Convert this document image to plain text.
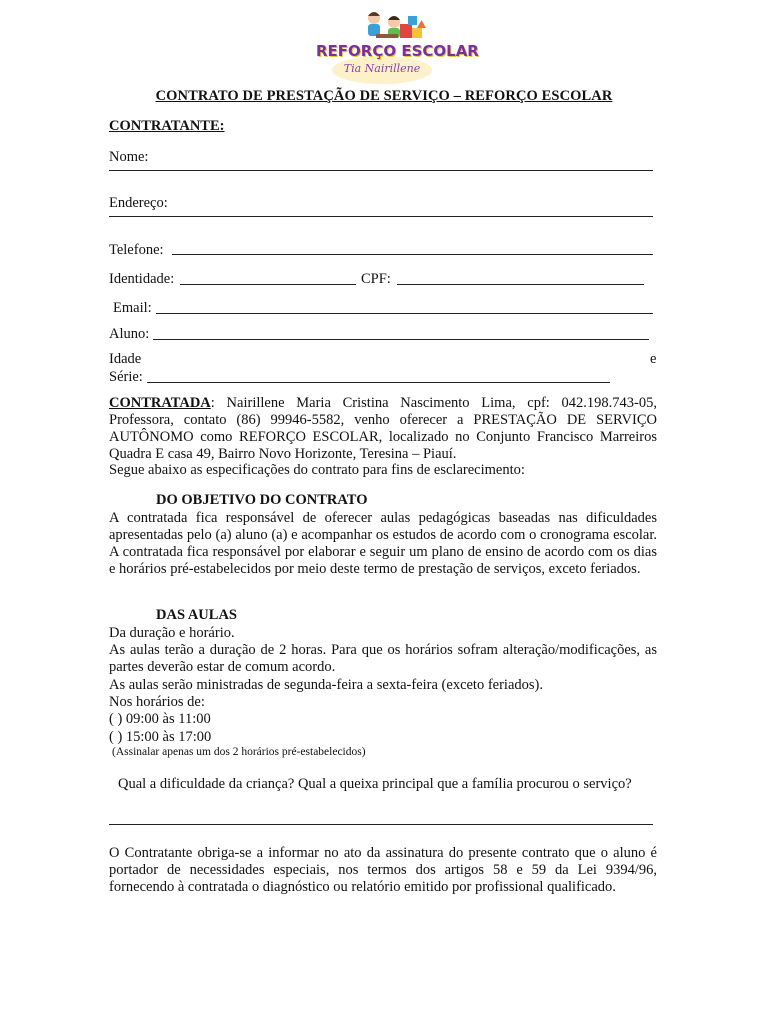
REFORÇO ESCOLAR
Tia Nairillene
CONTRATO DE PRESTAÇÃO DE SERVIÇO – REFORÇO ESCOLAR
CONTRATANTE:
Nome:
Endereço:
Telefone:
Identidade:	CPF:
Email:
Aluno:
Idade	e
Série:
CONTRATADA: Nairillene Maria Cristina Nascimento Lima, cpf: 042.198.743-05, Professora, contato (86) 99946-5582, venho oferecer a PRESTAÇÃO DE SERVIÇO AUTÔNOMO como REFORÇO ESCOLAR, localizado no Conjunto Francisco Marreiros Quadra E casa 49, Bairro Novo Horizonte, Teresina – Piauí.
Segue abaixo as especificações do contrato para fins de esclarecimento:
DO OBJETIVO DO CONTRATO
A contratada fica responsável de oferecer aulas pedagógicas baseadas nas dificuldades apresentadas pelo (a) aluno (a) e acompanhar os estudos de acordo com o cronograma escolar. A contratada fica responsável por elaborar e seguir um plano de ensino de acordo com os dias e horários pré-estabelecidos por meio deste termo de prestação de serviços, exceto feriados.
DAS AULAS
Da duração e horário.
As aulas terão a duração de 2 horas. Para que os horários sofram alteração/modificações, as partes deverão estar de comum acordo.
As aulas serão ministradas de segunda-feira a sexta-feira (exceto feriados).
Nos horários de:
( ) 09:00 às 11:00
( ) 15:00 às 17:00
(Assinalar apenas um dos 2 horários pré-estabelecidos)
Qual a dificuldade da criança? Qual a queixa principal que a família procurou o serviço?
O Contratante obriga-se a informar no ato da assinatura do presente contrato que o aluno é portador de necessidades especiais, nos termos dos artigos 58 e 59 da Lei 9394/96, fornecendo à contratada o diagnóstico ou relatório emitido por profissional qualificado.
